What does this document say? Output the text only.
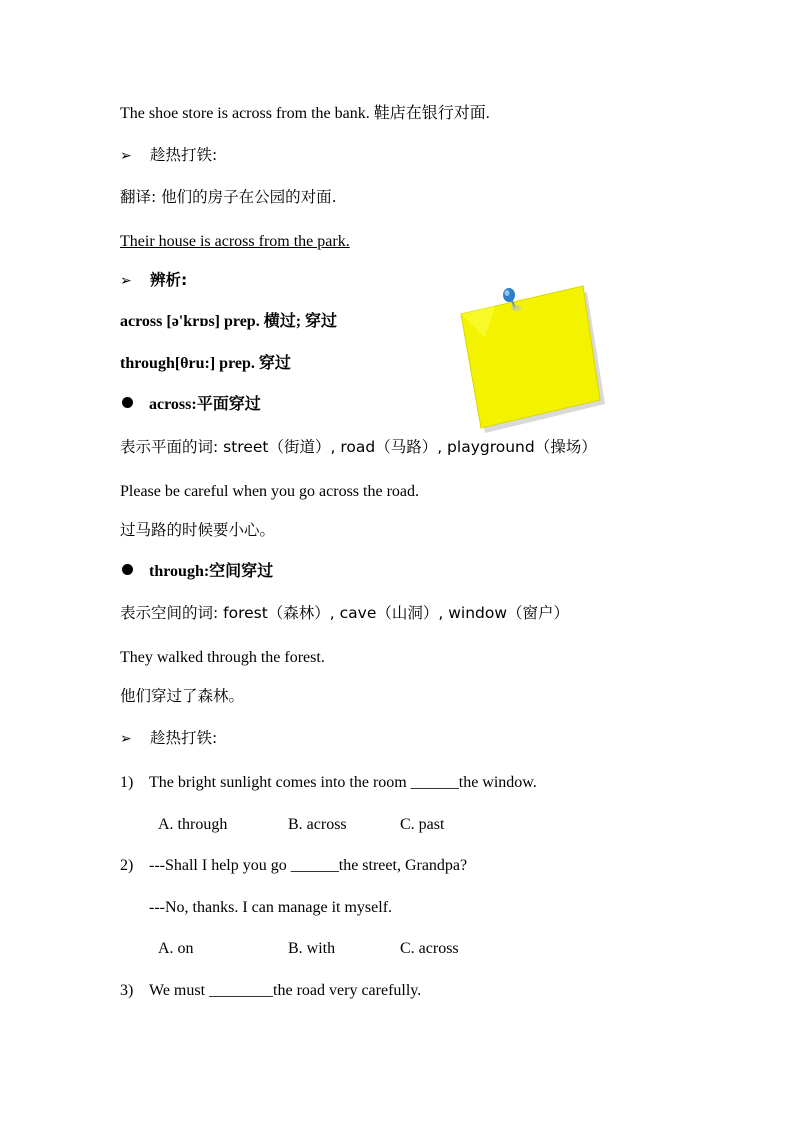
The shoe store is across from the bank. 鞋店在银行对面.
➢ 趁热打铁:
翻译: 他们的房子在公园的对面.
Their house is across from the park.
➢ 辨析:
across [ə'krɒs] prep. 横过; 穿过
through[θru:] prep. 穿过
across:平面穿过
表示平面的词: street（街道）, road（马路）, playground（操场）
Please be careful when you go across the road.
过马路的时候要小心。
through:空间穿过
表示空间的词: forest（森林）, cave（山洞）, window（窗户）
They walked through the forest.
他们穿过了森林。
➢ 趁热打铁:
1) The bright sunlight comes into the room ______the window.
A. through	B. across	C. past
2) ---Shall I help you go ______the street, Grandpa?
---No, thanks. I can manage it myself.
A. on	B. with	C. across
3) We must ________the road very carefully.
